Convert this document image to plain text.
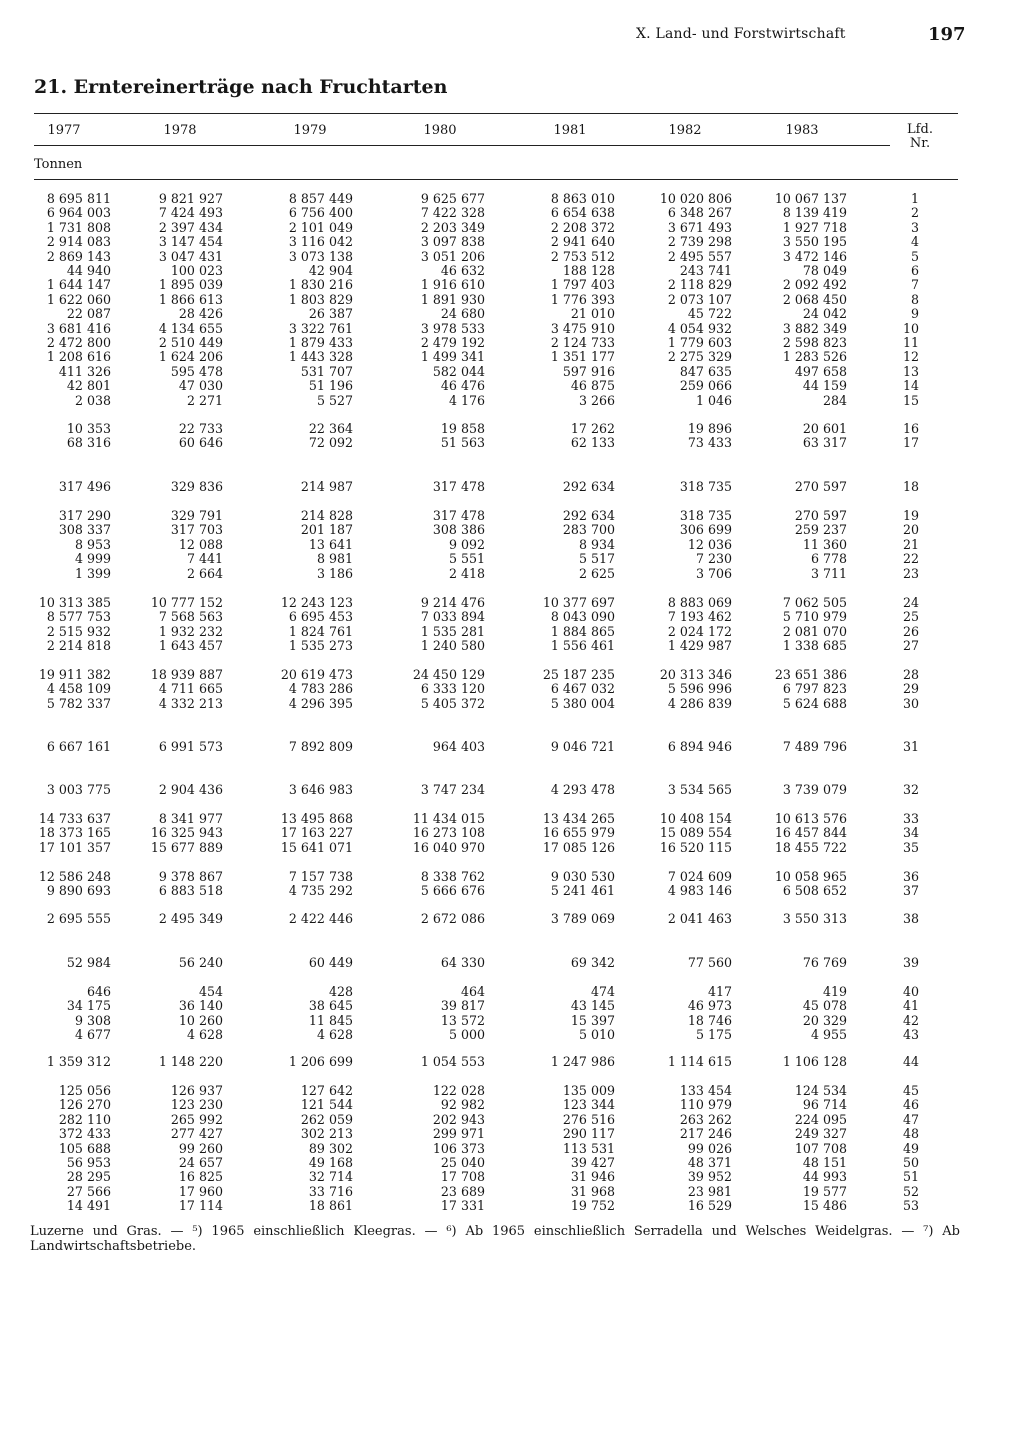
X. Land- und Forstwirtschaft	197
21. Erntereinerträge nach Fruchtarten
1977	1978	1979	1980	1981	1982	1983	Lfd. Nr.
Tonnen
8 695 811	9 821 927	8 857 449	9 625 677	8 863 010	10 020 806	10 067 137	1
6 964 003	7 424 493	6 756 400	7 422 328	6 654 638	6 348 267	8 139 419	2
1 731 808	2 397 434	2 101 049	2 203 349	2 208 372	3 671 493	1 927 718	3
2 914 083	3 147 454	3 116 042	3 097 838	2 941 640	2 739 298	3 550 195	4
2 869 143	3 047 431	3 073 138	3 051 206	2 753 512	2 495 557	3 472 146	5
44 940	100 023	42 904	46 632	188 128	243 741	78 049	6
1 644 147	1 895 039	1 830 216	1 916 610	1 797 403	2 118 829	2 092 492	7
1 622 060	1 866 613	1 803 829	1 891 930	1 776 393	2 073 107	2 068 450	8
22 087	28 426	26 387	24 680	21 010	45 722	24 042	9
3 681 416	4 134 655	3 322 761	3 978 533	3 475 910	4 054 932	3 882 349	10
2 472 800	2 510 449	1 879 433	2 479 192	2 124 733	1 779 603	2 598 823	11
1 208 616	1 624 206	1 443 328	1 499 341	1 351 177	2 275 329	1 283 526	12
411 326	595 478	531 707	582 044	597 916	847 635	497 658	13
42 801	47 030	51 196	46 476	46 875	259 066	44 159	14
2 038	2 271	5 527	4 176	3 266	1 046	284	15
10 353	22 733	22 364	19 858	17 262	19 896	20 601	16
68 316	60 646	72 092	51 563	62 133	73 433	63 317	17
317 496	329 836	214 987	317 478	292 634	318 735	270 597	18
317 290	329 791	214 828	317 478	292 634	318 735	270 597	19
308 337	317 703	201 187	308 386	283 700	306 699	259 237	20
8 953	12 088	13 641	9 092	8 934	12 036	11 360	21
4 999	7 441	8 981	5 551	5 517	7 230	6 778	22
1 399	2 664	3 186	2 418	2 625	3 706	3 711	23
10 313 385	10 777 152	12 243 123	9 214 476	10 377 697	8 883 069	7 062 505	24
8 577 753	7 568 563	6 695 453	7 033 894	8 043 090	7 193 462	5 710 979	25
2 515 932	1 932 232	1 824 761	1 535 281	1 884 865	2 024 172	2 081 070	26
2 214 818	1 643 457	1 535 273	1 240 580	1 556 461	1 429 987	1 338 685	27
19 911 382	18 939 887	20 619 473	24 450 129	25 187 235	20 313 346	23 651 386	28
4 458 109	4 711 665	4 783 286	6 333 120	6 467 032	5 596 996	6 797 823	29
5 782 337	4 332 213	4 296 395	5 405 372	5 380 004	4 286 839	5 624 688	30
6 667 161	6 991 573	7 892 809	964 403	9 046 721	6 894 946	7 489 796	31
3 003 775	2 904 436	3 646 983	3 747 234	4 293 478	3 534 565	3 739 079	32
14 733 637	8 341 977	13 495 868	11 434 015	13 434 265	10 408 154	10 613 576	33
18 373 165	16 325 943	17 163 227	16 273 108	16 655 979	15 089 554	16 457 844	34
17 101 357	15 677 889	15 641 071	16 040 970	17 085 126	16 520 115	18 455 722	35
12 586 248	9 378 867	7 157 738	8 338 762	9 030 530	7 024 609	10 058 965	36
9 890 693	6 883 518	4 735 292	5 666 676	5 241 461	4 983 146	6 508 652	37
2 695 555	2 495 349	2 422 446	2 672 086	3 789 069	2 041 463	3 550 313	38
52 984	56 240	60 449	64 330	69 342	77 560	76 769	39
646	454	428	464	474	417	419	40
34 175	36 140	38 645	39 817	43 145	46 973	45 078	41
9 308	10 260	11 845	13 572	15 397	18 746	20 329	42
4 677	4 628	4 628	5 000	5 010	5 175	4 955	43
1 359 312	1 148 220	1 206 699	1 054 553	1 247 986	1 114 615	1 106 128	44
125 056	126 937	127 642	122 028	135 009	133 454	124 534	45
126 270	123 230	121 544	92 982	123 344	110 979	96 714	46
282 110	265 992	262 059	202 943	276 516	263 262	224 095	47
372 433	277 427	302 213	299 971	290 117	217 246	249 327	48
105 688	99 260	89 302	106 373	113 531	99 026	107 708	49
56 953	24 657	49 168	25 040	39 427	48 371	48 151	50
28 295	16 825	32 714	17 708	31 946	39 952	44 993	51
27 566	17 960	33 716	23 689	31 968	23 981	19 577	52
14 491	17 114	18 861	17 331	19 752	16 529	15 486	53
Luzerne und Gras. — ⁵) 1965 einschließlich Kleegras. — ⁶) Ab 1965 einschließlich Serradella und Welsches Weidelgras. — ⁷) Ab Landwirtschaftsbetriebe.
